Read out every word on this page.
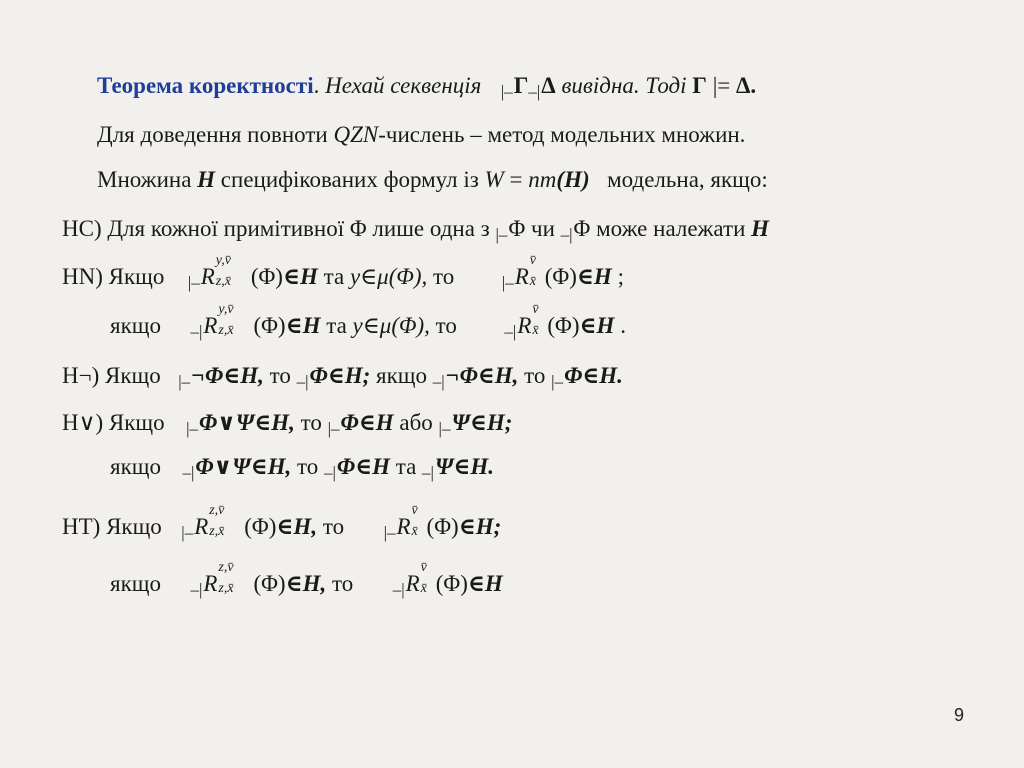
Теорема коректності. Нехай секвенція |–Γ–|Δ вивідна. Тоді Γ |= Δ.
Для доведення повноти QZN-числень – метод модельних множин.
Множина H специфікованих формул із W = nm(H) модельна, якщо:
HC) Для кожної примітивної Φ лише одна з |–Φ чи –|Φ може належати H
HN) Якщо |–R
y,v̄
z,x̄ (Φ)∈H та y∈μ(Φ), то	|–R
v̄
x̄ (Φ)∈H ;
якщо –|R
y,v̄
z,x̄ (Φ)∈H та y∈μ(Φ), то	–|R
v̄
x̄ (Φ)∈H .
H¬) Якщо |–¬Φ∈H, то –|Φ∈H; якщо –|¬Φ∈H, то |–Φ∈H.
H∨) Якщо |–Φ∨Ψ∈H, то |–Φ∈H або |–Ψ∈H;
якщо –|Φ∨Ψ∈H, то –|Φ∈H та –|Ψ∈H.
HT) Якщо |–R
z,v̄
z,x̄ (Φ)∈H, то |–R
v̄
x̄ (Φ)∈H;
якщо –|R
z,v̄
z,x̄ (Φ)∈H, то –|R
v̄
x̄ (Φ)∈H
9
